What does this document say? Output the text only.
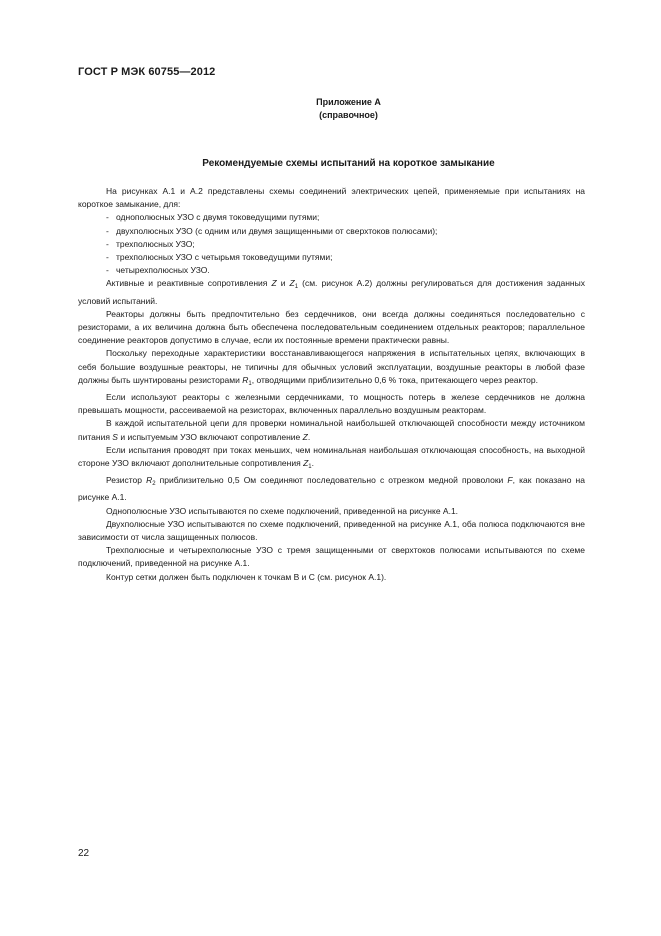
ГОСТ Р МЭК 60755—2012
Приложение А
(справочное)
Рекомендуемые схемы испытаний на короткое замыкание

На рисунках А.1 и А.2 представлены схемы соединений электрических цепей, применяемые при испытаниях на короткое замыкание, для:

- однополюсных УЗО с двумя токоведущими путями;
- двухполюсных УЗО (с одним или двумя защищенными от сверхтоков полюсами);
- трехполюсных УЗО;
- трехполюсных УЗО с четырьмя токоведущими путями;
- четырехполюсных УЗО.

Активные и реактивные сопротивления Z и $Z_1$ (см. рисунок А.2) должны регулироваться для достижения заданных условий испытаний.

Реакторы должны быть предпочтительно без сердечников, они всегда должны соединяться последовательно с резисторами, а их величина должна быть обеспечена последовательным соединением отдельных реакторов; параллельное соединение реакторов допустимо в случае, если их постоянные времени практически равны.

Поскольку переходные характеристики восстанавливающегося напряжения в испытательных цепях, включающих в себя большие воздушные реакторы, не типичны для обычных условий эксплуатации, воздушные реакторы в любой фазе должны быть шунтированы резисторами $R_1$, отводящими приблизительно 0,6 % тока, притекающего через реактор.

Если используют реакторы с железными сердечниками, то мощность потерь в железе сердечников не должна превышать мощности, рассеиваемой на резисторах, включенных параллельно воздушным реакторам.

В каждой испытательной цепи для проверки номинальной наибольшей отключающей способности между источником питания S и испытуемым УЗО включают сопротивление Z.

Если испытания проводят при токах меньших, чем номинальная наибольшая отключающая способность, на выходной стороне УЗО включают дополнительные сопротивления $Z_1$.

Резистор $R_2$ приблизительно 0,5 Ом соединяют последовательно с отрезком медной проволоки F, как показано на рисунке А.1.

Однополюсные УЗО испытываются по схеме подключений, приведенной на рисунке А.1.

Двухполюсные УЗО испытываются по схеме подключений, приведенной на рисунке А.1, оба полюса подключаются вне зависимости от числа защищенных полюсов.

Трехполюсные и четырехполюсные УЗО с тремя защищенными от сверхтоков полюсами испытываются по схеме подключений, приведенной на рисунке А.1.

Контур сетки должен быть подключен к точкам В и С (см. рисунок А.1).

22
